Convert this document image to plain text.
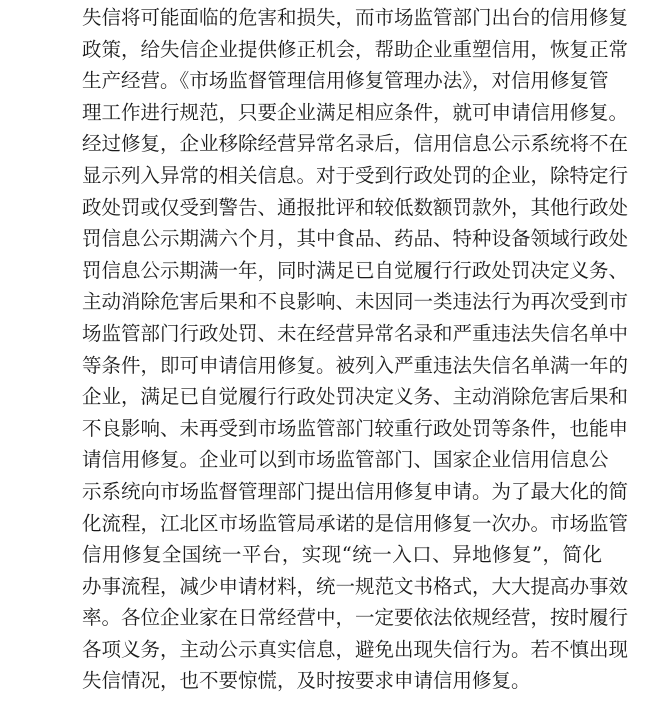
失信将可能面临的危害和损失，而市场监管部门出台的信用修复
政策，给失信企业提供修正机会，帮助企业重塑信用，恢复正常
生产经营。《市场监督管理信用修复管理办法》，对信用修复管
理工作进行规范，只要企业满足相应条件，就可申请信用修复。
经过修复，企业移除经营异常名录后，信用信息公示系统将不在
显示列入异常的相关信息。对于受到行政处罚的企业，除特定行
政处罚或仅受到警告、通报批评和较低数额罚款外，其他行政处
罚信息公示期满六个月，其中食品、药品、特种设备领域行政处
罚信息公示期满一年，同时满足已自觉履行行政处罚决定义务、
主动消除危害后果和不良影响、未因同一类违法行为再次受到市
场监管部门行政处罚、未在经营异常名录和严重违法失信名单中
等条件，即可申请信用修复。被列入严重违法失信名单满一年的
企业，满足已自觉履行行政处罚决定义务、主动消除危害后果和
不良影响、未再受到市场监管部门较重行政处罚等条件，也能申
请信用修复。企业可以到市场监管部门、国家企业信用信息公
示系统向市场监督管理部门提出信用修复申请。为了最大化的简
化流程，江北区市场监管局承诺的是信用修复一次办。市场监管
信用修复全国统一平台，实现“统一入口、异地修复”，简化
办事流程，减少申请材料，统一规范文书格式，大大提高办事效
率。各位企业家在日常经营中，一定要依法依规经营，按时履行
各项义务，主动公示真实信息，避免出现失信行为。若不慎出现
失信情况，也不要惊慌，及时按要求申请信用修复。
